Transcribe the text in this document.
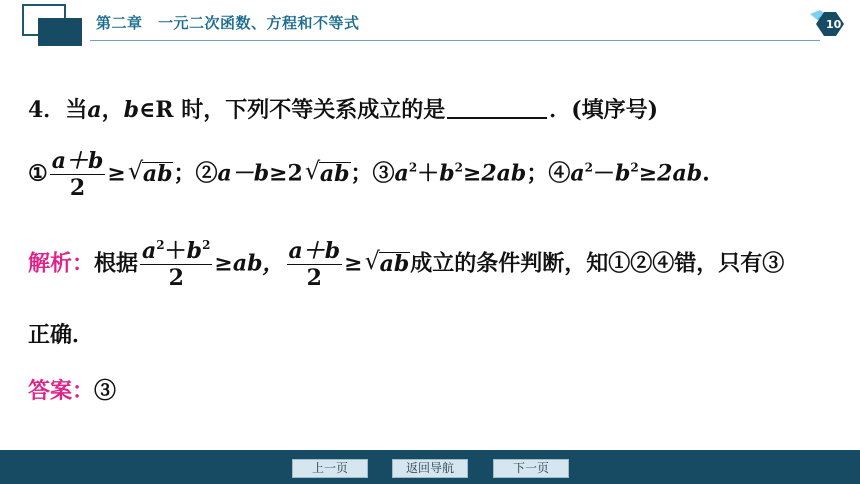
第二章　一元二次函数、方程和不等式	10
4．当a，b∈R 时，下列不等关系成立的是	．(填序号)
① $\frac{a+b}{2}$ ≥ √ ab；②a－b≥2 √ ab；$③a^2+b^2\ge 2ab$；$④a^2-b^2\ge 2ab$.
解析：根据 $\frac{a^2+b^2}{2} \ge ab$， $\frac{a+b}{2}$ ≥ √ ab成立的条件判断，知①②④错，只有③
正确．
答案：③
上一页	返回导航	下一页
